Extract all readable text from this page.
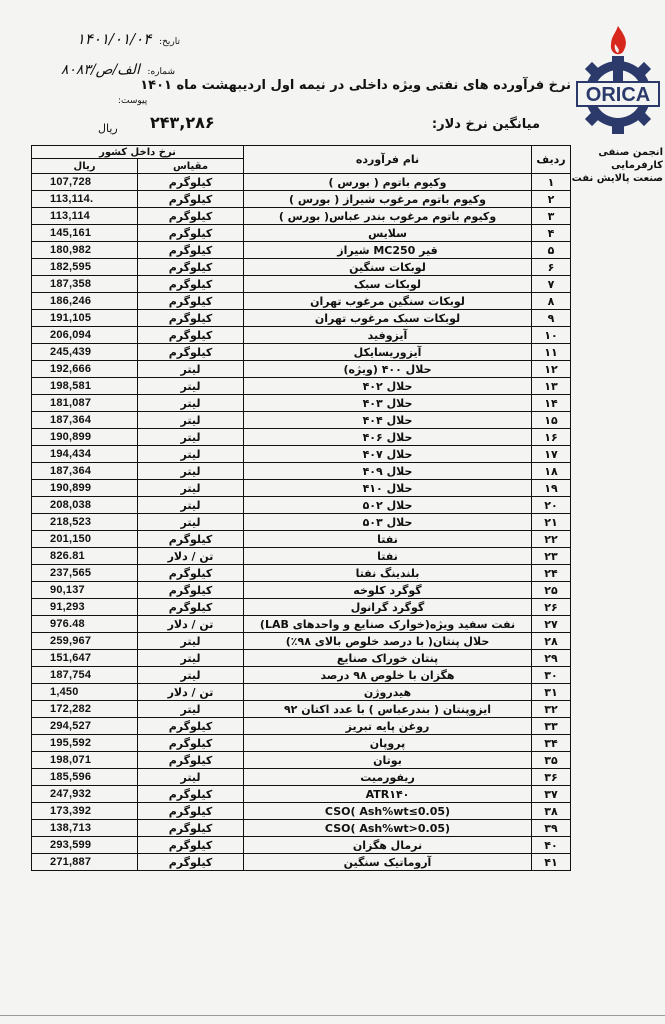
ORICA
انجمن صنفی کارفرمایی
صنعت پالایش نفت
تاریخ: ۱۴۰۱/۰۱/۰۴
شماره: الف/ص/۸۰۸۳
پیوست:
نرخ فرآورده های نفتی ویژه داخلی در نیمه اول اردیبهشت ماه ۱۴۰۱
میانگین نرخ دلار:
۲۴۳,۲۸۶
ریال
ردیف	نام فرآورده	نرخ داخل کشور	
		مقیاس	ریال
۱	وکیوم باتوم ( بورس )	کیلوگرم	107,728
۲	وکیوم باتوم مرغوب شیراز ( بورس )	کیلوگرم	113,114.
۳	وکیوم باتوم مرغوب بندر عباس( بورس )	کیلوگرم	113,114
۴	سلایس	کیلوگرم	145,161
۵	قیر MC250 شیراز	کیلوگرم	180,982
۶	لوبکات سنگین	کیلوگرم	182,595
۷	لوبکات سبک	کیلوگرم	187,358
۸	لوبکات سنگین مرغوب تهران	کیلوگرم	186,246
۹	لوبکات سبک مرغوب تهران	کیلوگرم	191,105
۱۰	آیزوفید	کیلوگرم	206,094
۱۱	آیزوریسایکل	کیلوگرم	245,439
۱۲	حلال ۴۰۰ (ویژه)	لیتر	192,666
۱۳	حلال ۴۰۲	لیتر	198,581
۱۴	حلال ۴۰۳	لیتر	181,087
۱۵	حلال ۴۰۴	لیتر	187,364
۱۶	حلال ۴۰۶	لیتر	190,899
۱۷	حلال ۴۰۷	لیتر	194,434
۱۸	حلال ۴۰۹	لیتر	187,364
۱۹	حلال ۴۱۰	لیتر	190,899
۲۰	حلال ۵۰۲	لیتر	208,038
۲۱	حلال ۵۰۳	لیتر	218,523
۲۲	نفتا	کیلوگرم	201,150
۲۳	نفتا	تن / دلار	826.81
۲۴	بلندینگ نفتا	کیلوگرم	237,565
۲۵	گوگرد کلوخه	کیلوگرم	90,137
۲۶	گوگرد گرانول	کیلوگرم	91,293
۲۷	نفت سفید ویژه(خوارک صنایع و واحدهای LAB)	تن / دلار	976.48
۲۸	حلال پنتان( با درصد خلوص بالای ۹۸٪)	لیتر	259,967
۲۹	پنتان خوراک صنایع	لیتر	151,647
۳۰	هگزان با خلوص ۹۸ درصد	لیتر	187,754
۳۱	هیدروژن	تن / دلار	1,450
۳۲	ایزوپنتان ( بندرعباس ) با عدد اکتان ۹۲	لیتر	172,282
۳۳	روغن پایه تبریز	کیلوگرم	294,527
۳۴	پروپان	کیلوگرم	195,592
۳۵	بوتان	کیلوگرم	198,071
۳۶	ریفورمیت	لیتر	185,596
۳۷	ATR۱۴۰	کیلوگرم	247,932
۳۸	(Ash%wt≤0.05 )CSO	کیلوگرم	173,392
۳۹	(Ash%wt>0.05 )CSO	کیلوگرم	138,713
۴۰	نرمال هگزان	کیلوگرم	293,599
۴۱	آروماتیک سنگین	کیلوگرم	271,887
